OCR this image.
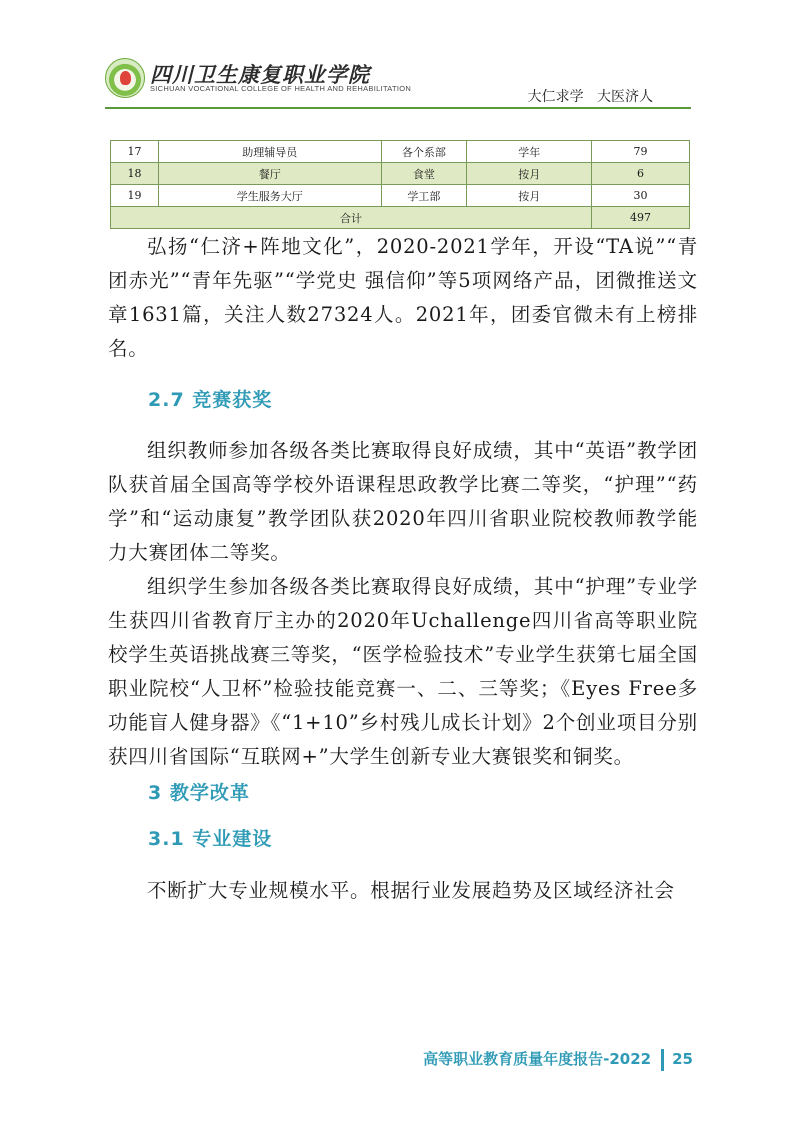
四川卫生康复职业学院
SICHUAN VOCATIONAL COLLEGE OF HEALTH AND REHABILITATION
大仁求学   大医济人
17	助理辅导员	各个系部	学年	79
18	餐厅	食堂	按月	6
19	学生服务大厅	学工部	按月	30
合计				497

弘扬“仁济+阵地文化”，2020-2021学年，开设“TA说”“青团赤光”“青年先驱”“学党史 强信仰”等5项网络产品，团微推送文章1631篇，关注人数27324人。2021年，团委官微未有上榜排名。

2.7 竞赛获奖

组织教师参加各级各类比赛取得良好成绩，其中“英语”教学团队获首届全国高等学校外语课程思政教学比赛二等奖，“护理”“药学”和“运动康复”教学团队获2020年四川省职业院校教师教学能力大赛团体二等奖。

组织学生参加各级各类比赛取得良好成绩，其中“护理”专业学生获四川省教育厅主办的2020年Uchallenge四川省高等职业院校学生英语挑战赛三等奖，“医学检验技术”专业学生获第七届全国职业院校“人卫杯”检验技能竞赛一、二、三等奖；《Eyes Free多功能盲人健身器》《“1+10”乡村残儿成长计划》2个创业项目分别获四川省国际“互联网+”大学生创新专业大赛银奖和铜奖。

3 教学改革
3.1 专业建设

不断扩大专业规模水平。根据行业发展趋势及区域经济社会

高等职业教育质量年度报告-2022 25
